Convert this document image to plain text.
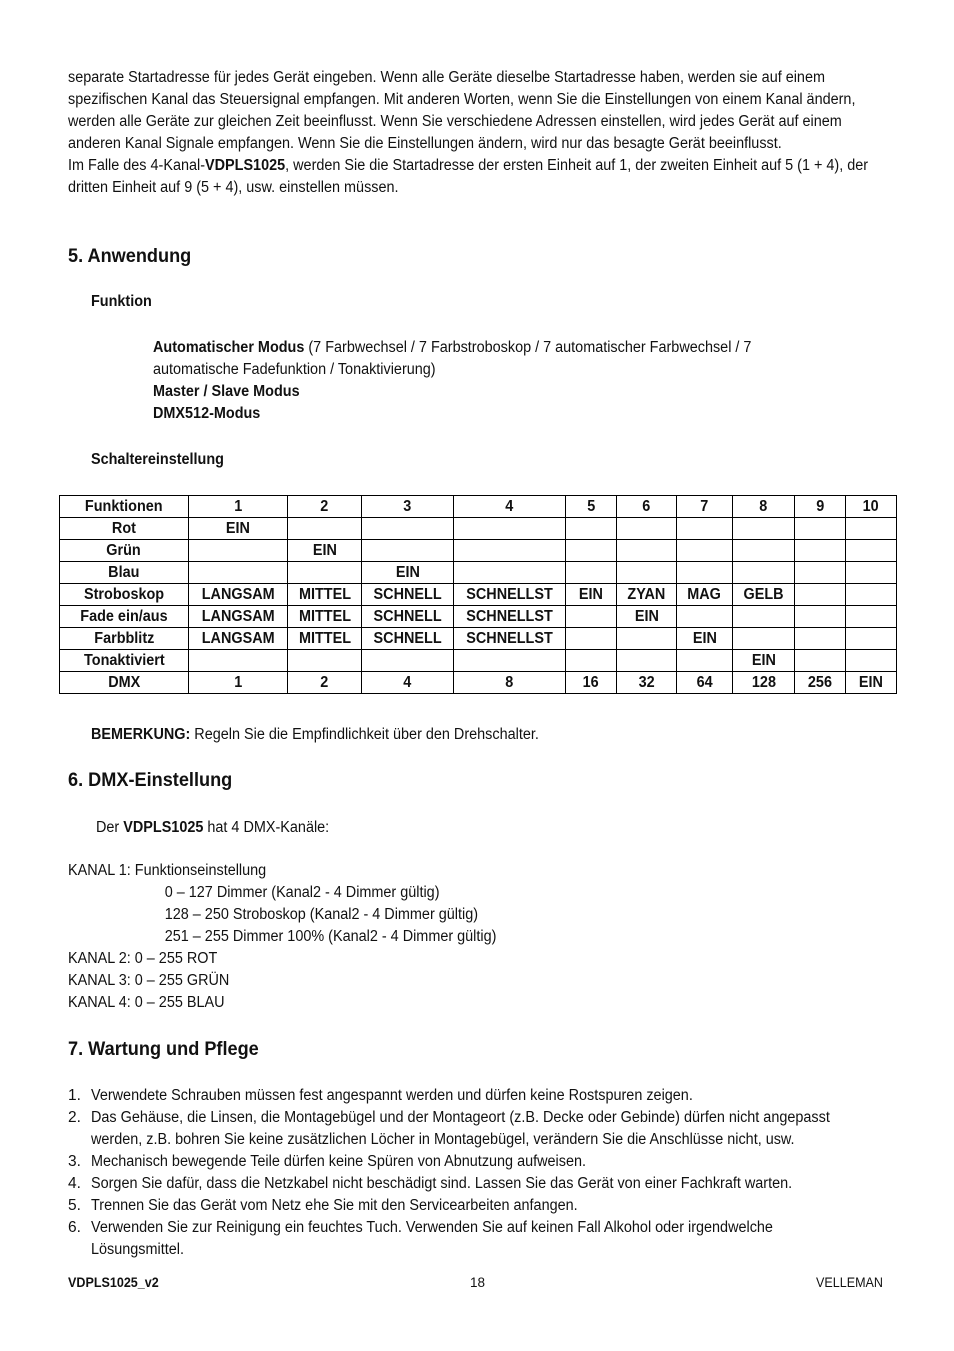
separate Startadresse für jedes Gerät eingeben. Wenn alle Geräte dieselbe Startadresse haben, werden sie auf einem spezifischen Kanal das Steuersignal empfangen. Mit anderen Worten, wenn Sie die Einstellungen von einem Kanal ändern, werden alle Geräte zur gleichen Zeit beeinflusst. Wenn Sie verschiedene Adressen einstellen, wird jedes Gerät auf einem anderen Kanal Signale empfangen. Wenn Sie die Einstellungen ändern, wird nur das besagte Gerät beeinflusst.

Im Falle des 4-Kanal-VDPLS1025, werden Sie die Startadresse der ersten Einheit auf 1, der zweiten Einheit auf 5 (1 + 4), der dritten Einheit auf 9 (5 + 4), usw. einstellen müssen.

5. Anwendung
Funktion

Automatischer Modus (7 Farbwechsel / 7 Farbstroboskop / 7 automatischer Farbwechsel / 7

automatische Fadefunktion / Tonaktivierung)

Master / Slave Modus

DMX512-Modus

Schaltereinstellung
Funktionen	1	2	3	4	5	6	7	8	9	10
Rot	EIN									
Grün		EIN								
Blau			EIN							
Stroboskop	LANGSAM	MITTEL	SCHNELL	SCHNELLST	EIN	ZYAN	MAG	GELB		
Fade ein/aus	LANGSAM	MITTEL	SCHNELL	SCHNELLST		EIN				
Farbblitz	LANGSAM	MITTEL	SCHNELL	SCHNELLST			EIN			
Tonaktiviert								EIN		
DMX	1	2	4	8	16	32	64	128	256	EIN

BEMERKUNG: Regeln Sie die Empfindlichkeit über den Drehschalter.

6. DMX-Einstellung

Der VDPLS1025 hat 4 DMX-Kanäle:

KANAL 1: Funktionseinstellung

0 – 127 Dimmer (Kanal2 - 4 Dimmer gültig)

128 – 250 Stroboskop (Kanal2 - 4 Dimmer gültig)

251 – 255 Dimmer 100% (Kanal2 - 4 Dimmer gültig)

KANAL 2: 0 – 255 ROT

KANAL 3: 0 – 255 GRÜN

KANAL 4: 0 – 255 BLAU

7. Wartung und Pflege
1. Verwendete Schrauben müssen fest angespannt werden und dürfen keine Rostspuren zeigen.
2. Das Gehäuse, die Linsen, die Montagebügel und der Montageort (z.B. Decke oder Gebinde) dürfen nicht angepasst werden, z.B. bohren Sie keine zusätzlichen Löcher in Montagebügel, verändern Sie die Anschlüsse nicht, usw.
3. Mechanisch bewegende Teile dürfen keine Spüren von Abnutzung aufweisen.
4. Sorgen Sie dafür, dass die Netzkabel nicht beschädigt sind. Lassen Sie das Gerät von einer Fachkraft warten.
5. Trennen Sie das Gerät vom Netz ehe Sie mit den Servicearbeiten anfangen.
6. Verwenden Sie zur Reinigung ein feuchtes Tuch. Verwenden Sie auf keinen Fall Alkohol oder irgendwelche Lösungsmittel.
VDPLS1025_v2	18	VELLEMAN
